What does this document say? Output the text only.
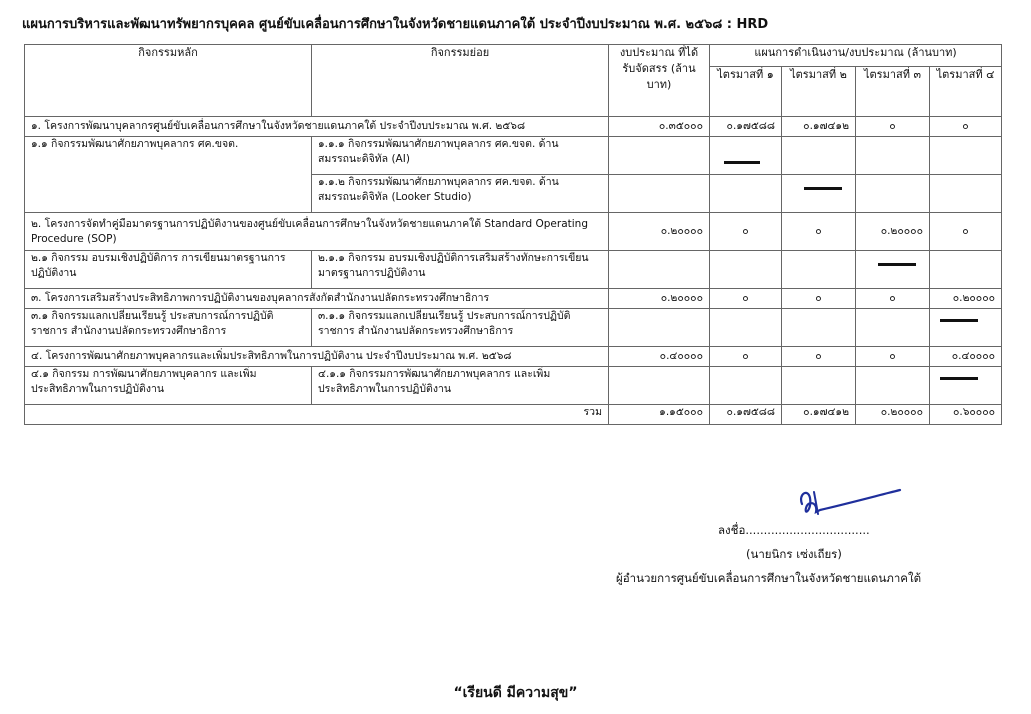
แผนการบริหารและพัฒนาทรัพยากรบุคคล ศูนย์ขับเคลื่อนการศึกษาในจังหวัดชายแดนภาคใต้ ประจำปีงบประมาณ พ.ศ. ๒๕๖๘ : HRD
กิจกรรมหลัก	กิจกรรมย่อย	งบประมาณ ที่ได้รับจัดสรร (ล้านบาท)	แผนการดำเนินงาน/งบประมาณ (ล้านบาท)			
			ไตรมาสที่ ๑	ไตรมาสที่ ๒	ไตรมาสที่ ๓	ไตรมาสที่ ๔
๑. โครงการพัฒนาบุคลากรศูนย์ขับเคลื่อนการศึกษาในจังหวัดชายแดนภาคใต้ ประจำปีงบประมาณ พ.ศ. ๒๕๖๘		๐.๓๕๐๐๐	๐.๑๗๕๘๘	๐.๑๗๔๑๒	๐	๐
๑.๑ กิจกรรมพัฒนาศักยภาพบุคลากร ศค.ขจต.	๑.๑.๑ กิจกรรมพัฒนาศักยภาพบุคลากร ศค.ขจต. ด้านสมรรถนะดิจิทัล (AI)		

	๑.๑.๒ กิจกรรมพัฒนาศักยภาพบุคลากร ศค.ขจต. ด้านสมรรถนะดิจิทัล (Looker Studio)			

๒. โครงการจัดทำคู่มือมาตรฐานการปฏิบัติงานของศูนย์ขับเคลื่อนการศึกษาในจังหวัดชายแดนภาคใต้ Standard Operating Procedure (SOP)		๐.๒๐๐๐๐	๐	๐	๐.๒๐๐๐๐	๐
๒.๑ กิจกรรม อบรมเชิงปฏิบัติการ การเขียนมาตรฐานการปฏิบัติงาน	๒.๑.๑ กิจกรรม อบรมเชิงปฏิบัติการเสริมสร้างทักษะการเขียนมาตรฐานการปฏิบัติงาน				

๓. โครงการเสริมสร้างประสิทธิภาพการปฏิบัติงานของบุคลากรสังกัดสำนักงานปลัดกระทรวงศึกษาธิการ		๐.๒๐๐๐๐	๐	๐	๐	๐.๒๐๐๐๐
๓.๑ กิจกรรมแลกเปลี่ยนเรียนรู้ ประสบการณ์การปฏิบัติราชการ สำนักงานปลัดกระทรวงศึกษาธิการ	๓.๑.๑ กิจกรรมแลกเปลี่ยนเรียนรู้ ประสบการณ์การปฏิบัติราชการ สำนักงานปลัดกระทรวงศึกษาธิการ					

๔. โครงการพัฒนาศักยภาพบุคลากรและเพิ่มประสิทธิภาพในการปฏิบัติงาน ประจำปีงบประมาณ พ.ศ. ๒๕๖๘		๐.๔๐๐๐๐	๐	๐	๐	๐.๔๐๐๐๐
๔.๑ กิจกรรม การพัฒนาศักยภาพบุคลากร และเพิ่มประสิทธิภาพในการปฏิบัติงาน	๔.๑.๑ กิจกรรมการพัฒนาศักยภาพบุคลากร และเพิ่มประสิทธิภาพในการปฏิบัติงาน					

รวม		๑.๑๕๐๐๐	๐.๑๗๕๘๘	๐.๑๗๔๑๒	๐.๒๐๐๐๐	๐.๖๐๐๐๐
ลงชื่อ..................................
(นายนิกร เซ่งเถียร)
ผู้อำนวยการศูนย์ขับเคลื่อนการศึกษาในจังหวัดชายแดนภาคใต้
“เรียนดี มีความสุข”
